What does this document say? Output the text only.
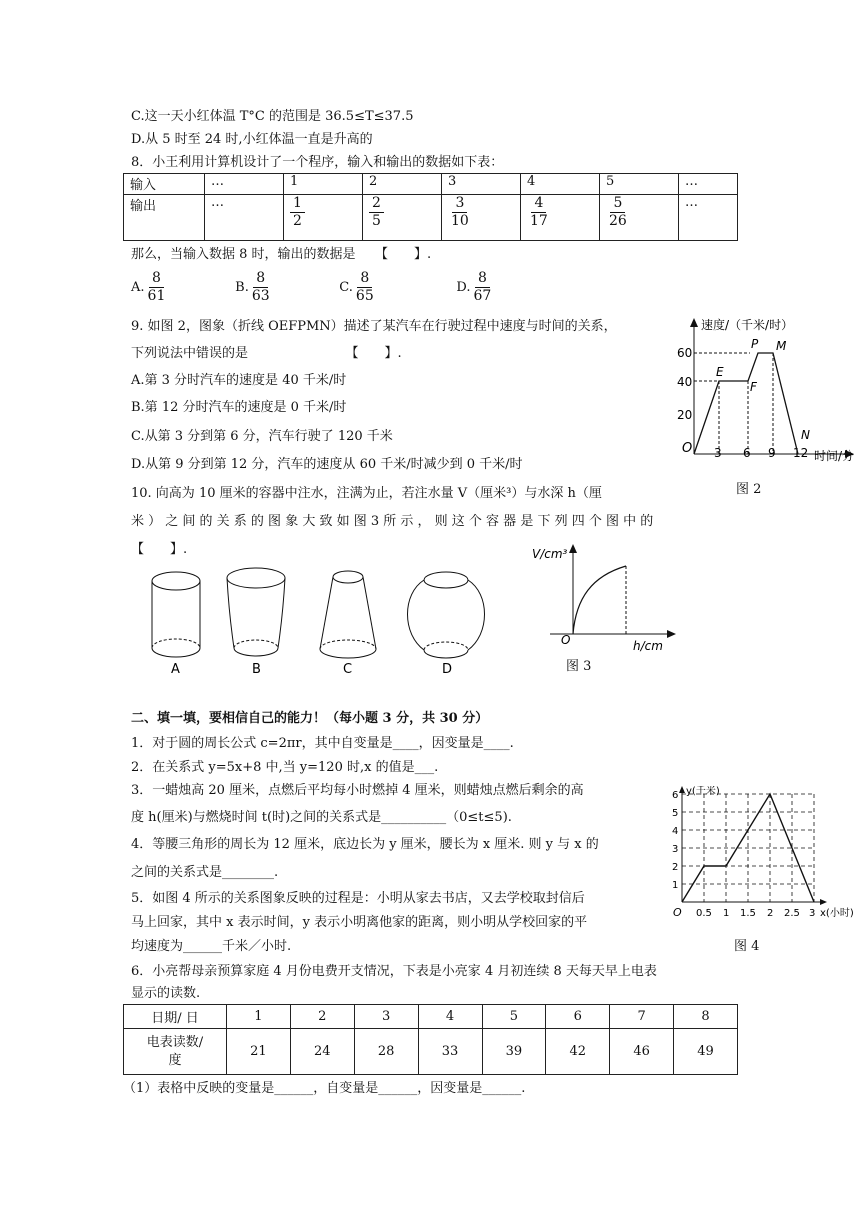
C.这一天小红体温 T°C 的范围是 36.5≤T≤37.5
D.从 5 时至 24 时,小红体温一直是升高的
8．小王利用计算机设计了一个程序，输入和输出的数据如下表：
输入	…	1	2	3	4	5	…
输出	…	$\frac{1}{2}$	$\frac{2}{5}$	$\frac{3}{10}$	$\frac{4}{17}$	$\frac{5}{26}$	…
那么，当输入数据 8 时，输出的数据是　　【　　】.
A. $\frac{8}{61}$	B. $\frac{8}{63}$	C. $\frac{8}{65}$	D. $\frac{8}{67}$
9. 如图 2，图象（折线 OEFPMN）描述了某汽车在行驶过程中速度与时间的关系，
下列说法中错误的是　　　　　　　　【　　】.
A.第 3 分时汽车的速度是 40 千米/时
B.第 12 分时汽车的速度是 0 千米/时
C.从第 3 分到第 6 分，汽车行驶了 120 千米
D.从第 9 分到第 12 分，汽车的速度从 60 千米/时减少到 0 千米/时
速度/（千米/时）
时间/分
20
40
60
3 6 9 12
O
E
F
P M
N
图 2
10. 向高为 10 厘米的容器中注水，注满为止，若注水量 V（厘米³）与水深 h（厘
米 ） 之 间 的 关 系 的 图 象 大 致 如 图 3 所 示 ， 则 这 个 容 器 是 下 列 四 个 图 中 的
【　　】.
A	B	C	D
V/cm³
h/cm
O
图 3
二、填一填，要相信自己的能力！（每小题 3 分，共 30 分）
1．对于圆的周长公式 c=2πr，其中自变量是____，因变量是____.
2．在关系式 y=5x+8 中,当 y=120 时,x 的值是___.
3．一蜡烛高 20 厘米，点燃后平均每小时燃掉 4 厘米，则蜡烛点燃后剩余的高
度 h(厘米)与燃烧时间 t(时)之间的关系式是__________（0≤t≤5).
4．等腰三角形的周长为 12 厘米，底边长为 y 厘米，腰长为 x 厘米. 则 y 与 x 的
之间的关系式是________.
5．如图 4 所示的关系图象反映的过程是：小明从家去书店，又去学校取封信后
马上回家，其中 x 表示时间，y 表示小明离他家的距离，则小明从学校回家的平
均速度为______千米／小时.
y(千米)
x(小时)
1
2
3
4
5
6
O 0.5 1 1.5 2 2.5 3
图 4
6．小亮帮母亲预算家庭 4 月份电费开支情况，下表是小亮家 4 月初连续 8 天每天早上电表
显示的读数.
日期/ 日	1	2	3	4	5	6	7	8
电表读数/
度	21	24	28	33	39	42	46	49
（1）表格中反映的变量是______，自变量是______，因变量是______.
